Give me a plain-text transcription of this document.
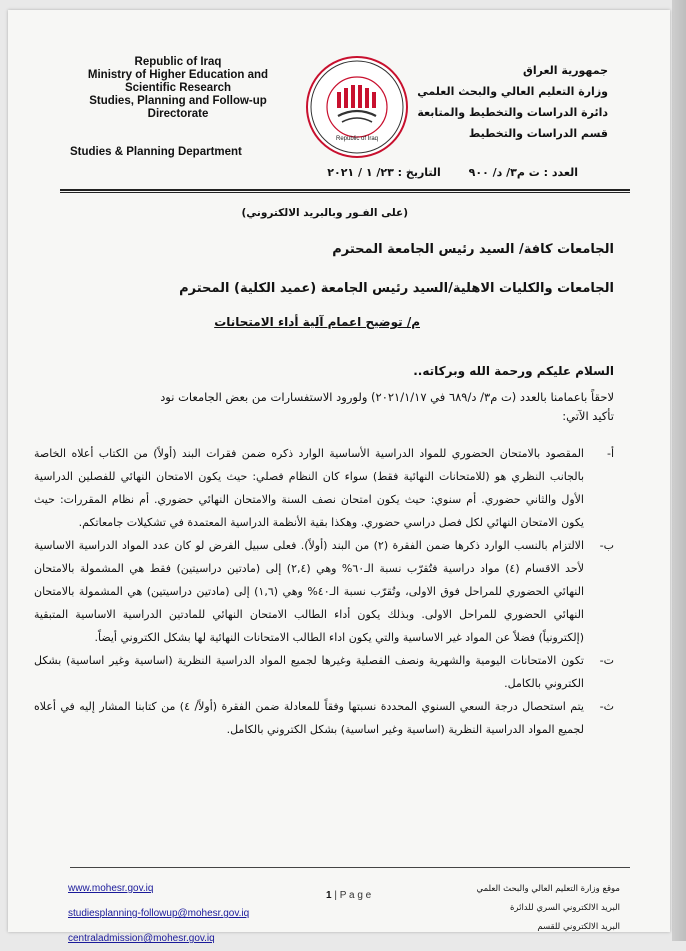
Republic of Iraq
Ministry of Higher Education and
Scientific Research
Studies, Planning and Follow-up
Directorate
Studies & Planning Department
Republic of Iraq
جمهورية العراق
وزارة التعليم العالي والبحث العلمي
دائرة الدراسات والتخطيط والمتابعة
قسم الدراسات والتخطيط
العدد : ت م٣/ د/ ٩٠٠ التاريخ : ٢٣/ ١ / ٢٠٢١
(على الفـور وبالبريد الالكتروني)
الجامعات كافة/ السيد رئيس الجامعة المحترم
الجامعات والكليات الاهلية/السيد رئيس الجامعة (عميد الكلية) المحترم
م/ توضيح اعمام آلية أداء الامتحانات
السلام عليكم ورحمة الله وبركاته..
لاحقاً باعمامنا بالعدد (ت م٣/ د/٦٨٩ في ٢٠٢١/١/١٧) ولورود الاستفسارات من بعض الجامعات نود
تأكيد الآتي:
أ-
المقصود بالامتحان الحضوري للمواد الدراسية الأساسية الوارد ذكره ضمن فقرات البند (أولاً) من الكتاب أعلاه الخاصة بالجانب النظري هو (للامتحانات النهائية فقط) سواء كان النظام فصلي: حيث يكون الامتحان النهائي للفصلين الدراسية الأول والثاني حضوري. أم سنوي: حيث يكون امتحان نصف السنة والامتحان النهائي حضوري. أم نظام المقررات: حيث يكون الامتحان النهائي لكل فصل دراسي حضوري. وهكذا بقية الأنظمة الدراسية المعتمدة في تشكيلات جامعاتكم.
ب-
الالتزام بالنسب الوارد ذكرها ضمن الفقرة (٢) من البند (أولاً). فعلى سبيل الفرض لو كان عدد المواد الدراسية الاساسية لأحد الاقسام (٤) مواد دراسية فتُقرّب نسبة الـ٦٠% وهي (٢,٤) إلى (مادتين دراسيتين) فقط هي المشمولة بالامتحان النهائي الحضوري للمراحل فوق الاولى، وتُقرّب نسبة الـ٤٠% وهي (١,٦) إلى (مادتين دراسيتين) هي المشمولة بالامتحان النهائي الحضوري للمراحل الاولى. وبذلك يكون أداء الطالب الامتحان النهائي للمادتين الدراسية الاساسية المتبقية (إلكترونياً) فضلاً عن المواد غير الاساسية والتي يكون اداء الطالب الامتحانات النهائية لها بشكل الكتروني أيضاً.
ت-
تكون الامتحانات اليومية والشهرية ونصف الفصلية وغيرها لجميع المواد الدراسية النظرية (اساسية وغير اساسية) بشكل الكتروني بالكامل.
ث-
يتم استحصال درجة السعي السنوي المحددة نسبتها وفقاً للمعادلة ضمن الفقرة (أولاً/ ٤) من كتابنا المشار إليه في أعلاه لجميع المواد الدراسية النظرية (اساسية وغير اساسية) بشكل الكتروني بالكامل.
www.mohesr.gov.iq
studiesplanning-followup@mohesr.gov.iq
centraladmission@mohesr.gov.iq
1 | P a g e
موقع وزارة التعليم العالي والبحث العلمي
البريد الالكتروني السري للدائرة
البريد الالكتروني للقسم
